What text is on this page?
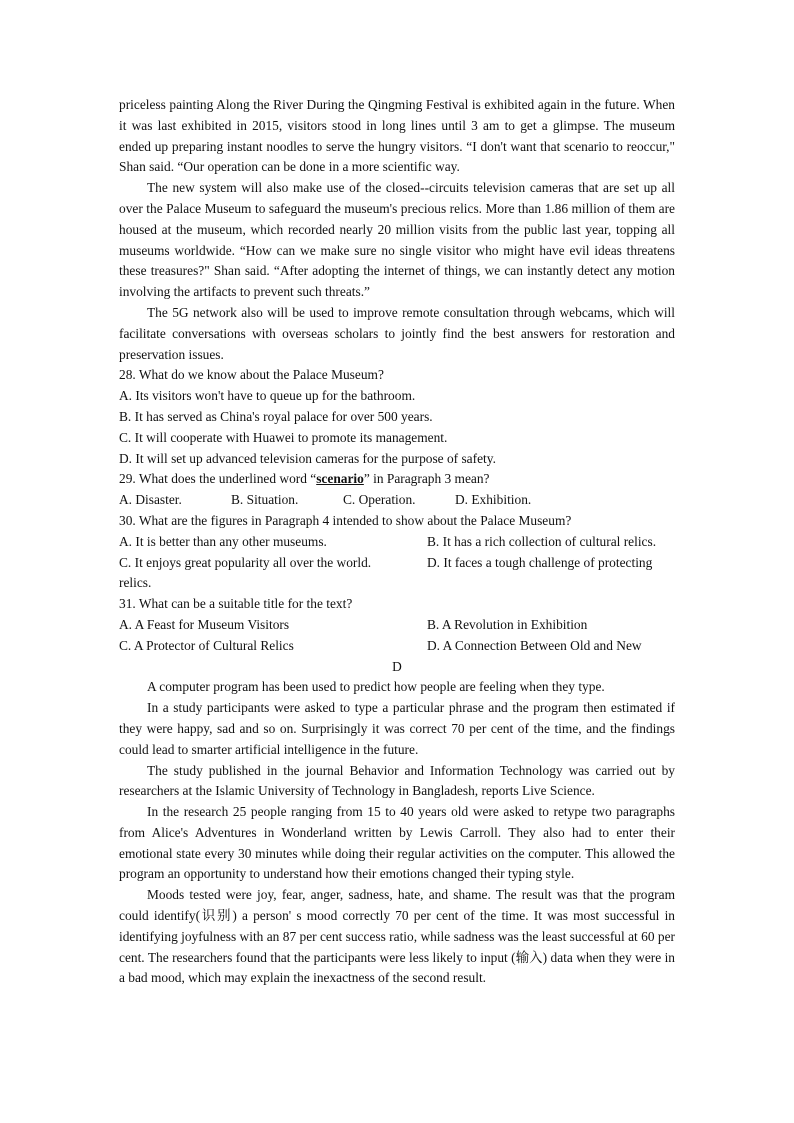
priceless painting Along the River During the Qingming Festival is exhibited again in the future. When it was last exhibited in 2015, visitors stood in long lines until 3 am to get a glimpse. The museum ended up preparing instant noodles to serve the hungry visitors. “I don't want that scenario to reoccur," Shan said. “Our operation can be done in a more scientific way.

The new system will also make use of the closed--circuits television cameras that are set up all over the Palace Museum to safeguard the museum's precious relics. More than 1.86 million of them are housed at the museum, which recorded nearly 20 million visits from the public last year, topping all museums worldwide. “How can we make sure no single visitor who might have evil ideas threatens these treasures?" Shan said. “After adopting the internet of things, we can instantly detect any motion involving the artifacts to prevent such threats.”

The 5G network also will be used to improve remote consultation through webcams, which will facilitate conversations with overseas scholars to jointly find the best answers for restoration and preservation issues.

28. What do we know about the Palace Museum?

A. Its visitors won't have to queue up for the bathroom.

B. It has served as China's royal palace for over 500 years.

C. It will cooperate with Huawei to promote its management.

D. It will set up advanced television cameras for the purpose of safety.

29. What does the underlined word “scenario” in Paragraph 3 mean?

A. Disaster.	B. Situation.	C. Operation.	D. Exhibition.

30. What are the figures in Paragraph 4 intended to show about the Palace Museum?

A. It is better than any other museums.	B. It has a rich collection of cultural relics.
C. It enjoys great popularity all over the world.	D. It faces a tough challenge of protecting

relics.

31. What can be a suitable title for the text?

A. A Feast for Museum Visitors	B. A Revolution in Exhibition
C. A Protector of Cultural Relics	D. A Connection Between Old and New

D

A computer program has been used to predict how people are feeling when they type.

In a study participants were asked to type a particular phrase and the program then estimated if they were happy, sad and so on. Surprisingly it was correct 70 per cent of the time, and the findings could lead to smarter artificial intelligence in the future.

The study published in the journal Behavior and Information Technology was carried out by researchers at the Islamic University of Technology in Bangladesh, reports Live Science.

In the research 25 people ranging from 15 to 40 years old were asked to retype two paragraphs from Alice's Adventures in Wonderland written by Lewis Carroll. They also had to enter their emotional state every 30 minutes while doing their regular activities on the computer. This allowed the program an opportunity to understand how their emotions changed their typing style.

Moods tested were joy, fear, anger, sadness, hate, and shame. The result was that the program could identify(识别) a person' s mood correctly 70 per cent of the time. It was most successful in identifying joyfulness with an 87 per cent success ratio, while sadness was the least successful at 60 per cent. The researchers found that the participants were less likely to input (输入) data when they were in a bad mood, which may explain the inexactness of the second result.
